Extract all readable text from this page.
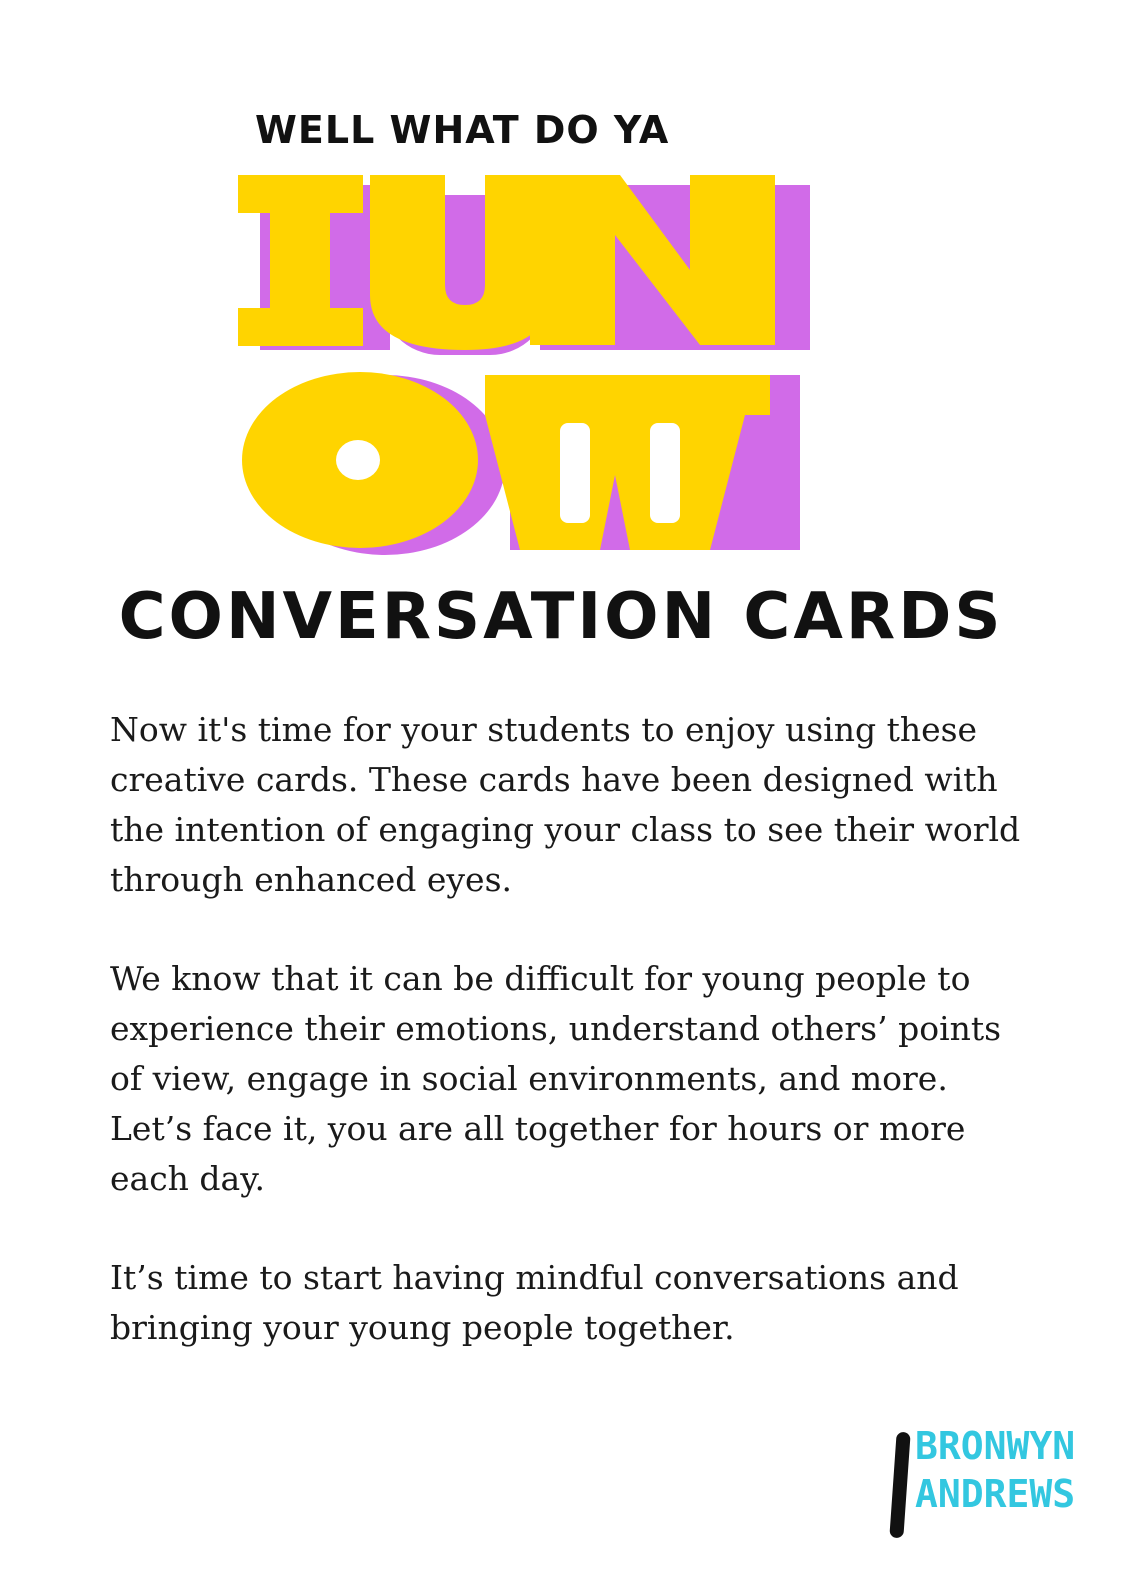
WELL WHAT DO YA
CONVERSATION CARDS

Now it's time for your students to enjoy using these creative cards. These cards have been designed with the intention of engaging your class to see their world through enhanced eyes.

We know that it can be difficult for young people to experience their emotions, understand others’ points of view, engage in social environments, and more. Let’s face it, you are all together for hours or more each day.

It’s time to start having mindful conversations and bringing your young people together.

BRONWYN
ANDREWS
